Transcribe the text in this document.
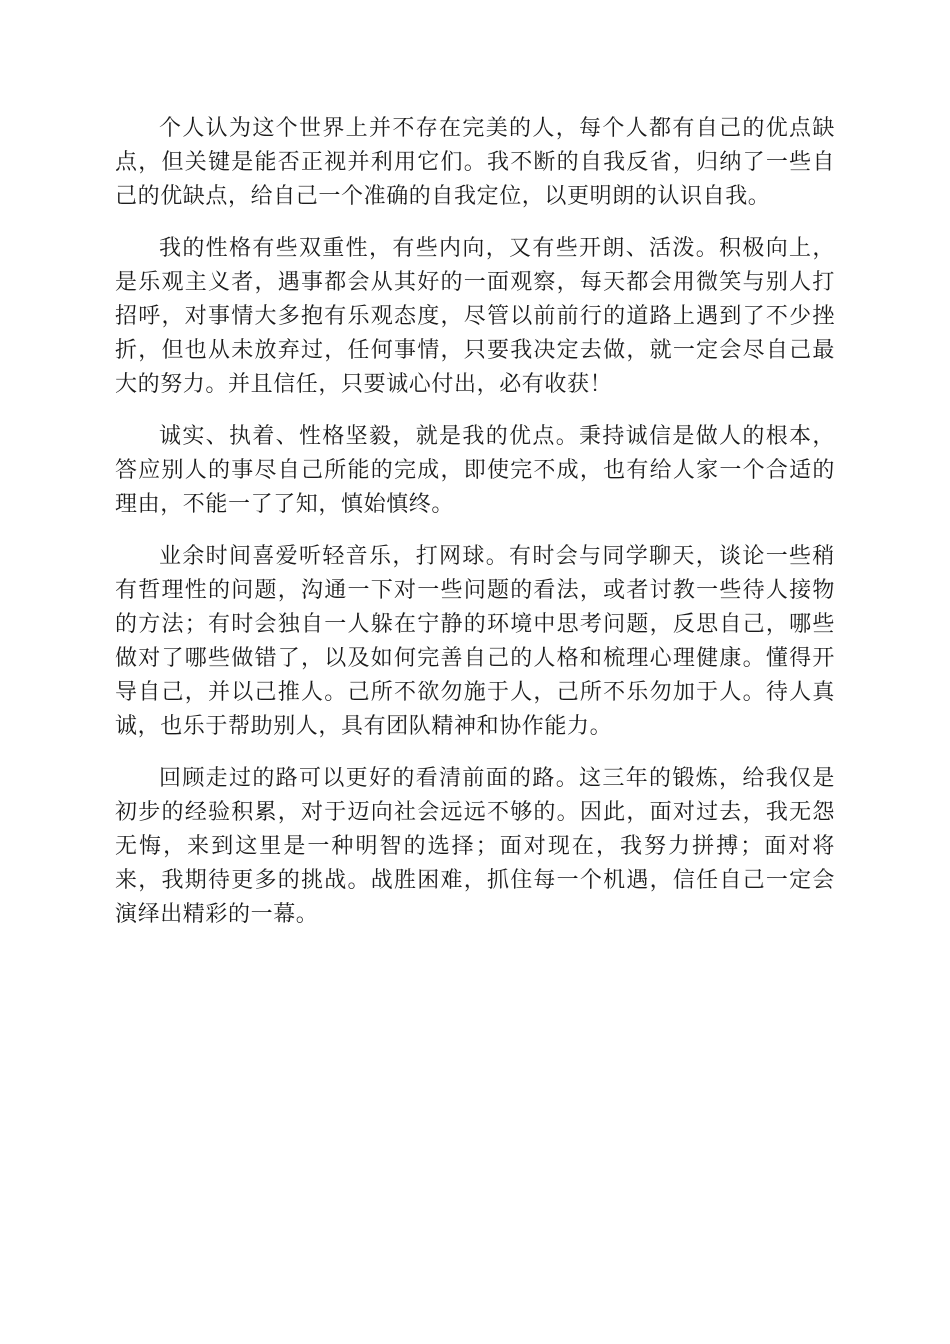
个人认为这个世界上并不存在完美的人，每个人都有自己的优点缺点，但关键是能否正视并利用它们。我不断的自我反省，归纳了一些自己的优缺点，给自己一个准确的自我定位，以更明朗的认识自我。

我的性格有些双重性，有些内向，又有些开朗、活泼。积极向上，是乐观主义者，遇事都会从其好的一面观察，每天都会用微笑与别人打招呼，对事情大多抱有乐观态度，尽管以前前行的道路上遇到了不少挫折，但也从未放弃过，任何事情，只要我决定去做，就一定会尽自己最大的努力。并且信任，只要诚心付出，必有收获！

诚实、执着、性格坚毅，就是我的优点。秉持诚信是做人的根本，答应别人的事尽自己所能的完成，即使完不成，也有给人家一个合适的理由，不能一了了知，慎始慎终。

业余时间喜爱听轻音乐，打网球。有时会与同学聊天，谈论一些稍有哲理性的问题，沟通一下对一些问题的看法，或者讨教一些待人接物的方法；有时会独自一人躲在宁静的环境中思考问题，反思自己，哪些做对了哪些做错了，以及如何完善自己的人格和梳理心理健康。懂得开导自己，并以己推人。己所不欲勿施于人，己所不乐勿加于人。待人真诚，也乐于帮助别人，具有团队精神和协作能力。

回顾走过的路可以更好的看清前面的路。这三年的锻炼，给我仅是初步的经验积累，对于迈向社会远远不够的。因此，面对过去，我无怨无悔，来到这里是一种明智的选择；面对现在，我努力拼搏；面对将来，我期待更多的挑战。战胜困难，抓住每一个机遇，信任自己一定会演绎出精彩的一幕。
